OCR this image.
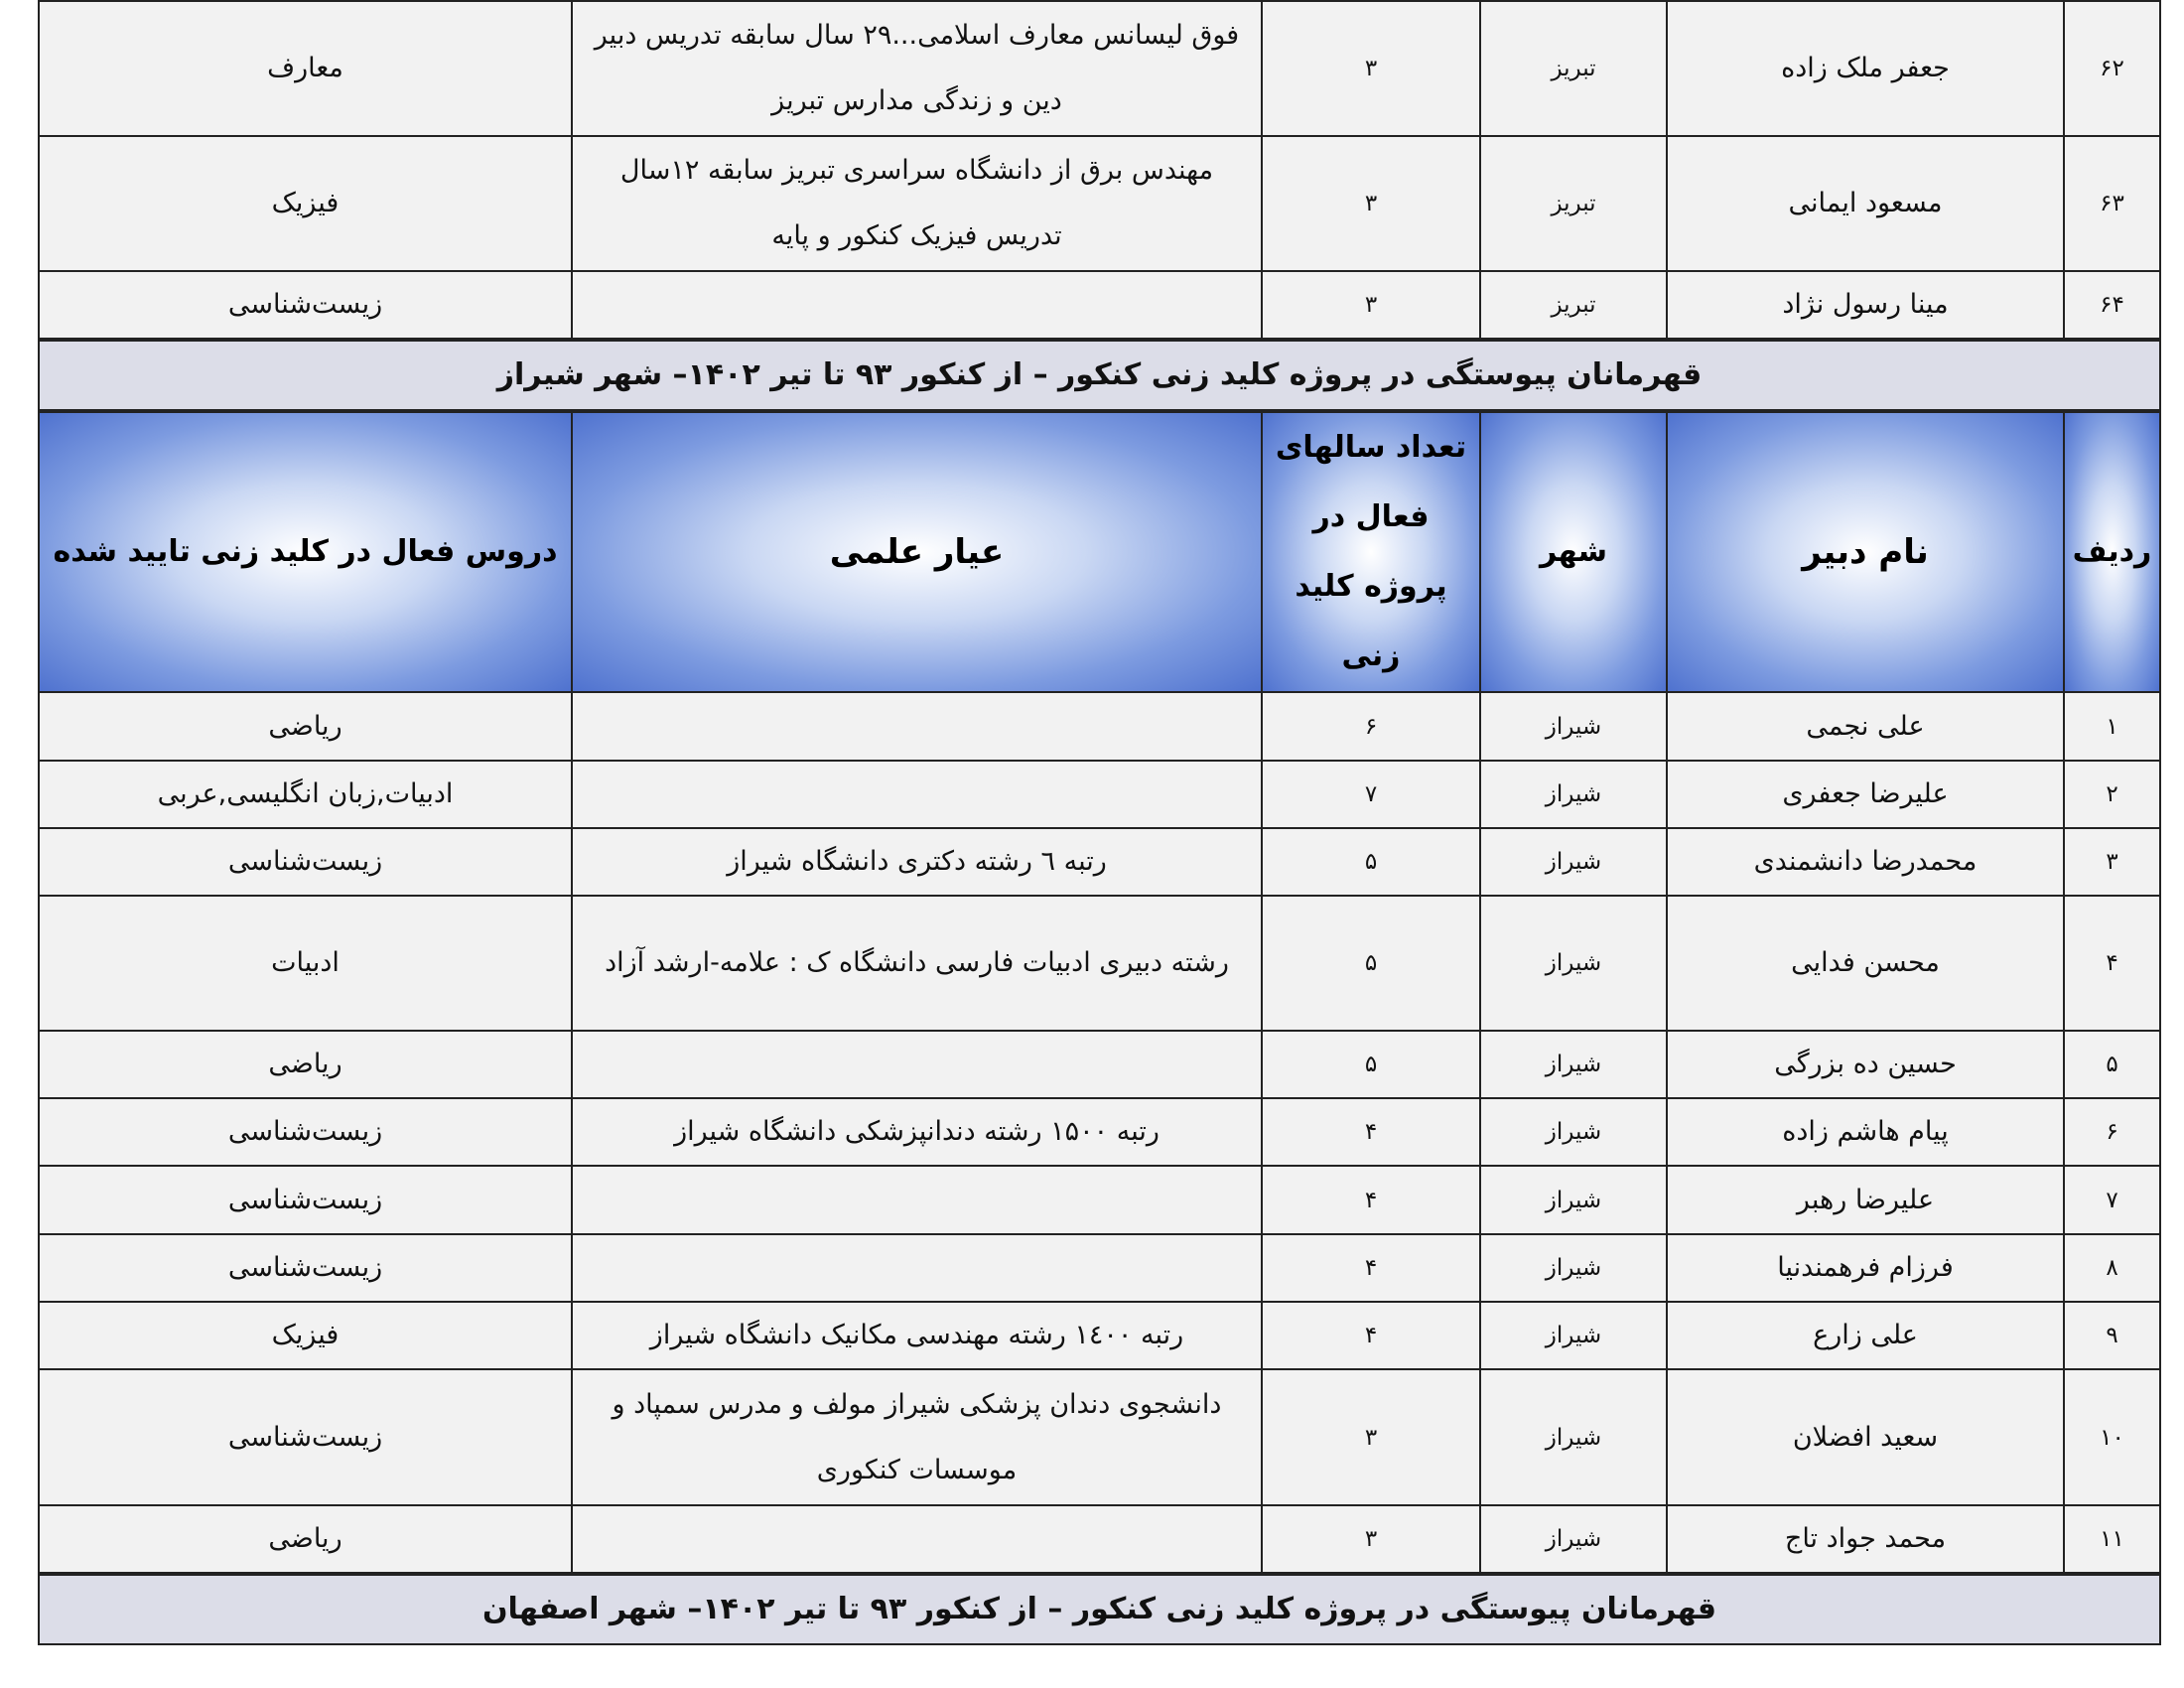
۶۲	جعفر ملک زاده	تبریز	۳	فوق لیسانس معارف اسلامی...۲۹ سال سابقه تدریس دبیر دین و زندگی مدارس تبریز	معارف
۶۳	مسعود ایمانی	تبریز	۳	مهندس برق از دانشگاه سراسری تبریز سابقه ۱۲سال تدریس فیزیک کنکور و پایه	فیزیک
۶۴	مینا رسول نژاد	تبریز	۳		زیست‌شناسی
قهرمانان پیوستگی در پروژه کلید زنی کنکور – از کنکور ۹۳ تا تیر ۱۴۰۲– شهر شیراز					
ردیف	نام دبیر	شهر	تعداد سالهای فعال در پروژه کلید زنی	عیار علمی	دروس فعال در کلید زنی تایید شده
۱	علی نجمی	شیراز	۶		ریاضی
۲	علیرضا جعفری	شیراز	۷		ادبیات,زبان انگلیسی,عربی
۳	محمدرضا دانشمندی	شیراز	۵	رتبه ٦ رشته دکتری دانشگاه شیراز	زیست‌شناسی
۴	محسن فدایی	شیراز	۵	رشته دبیری ادبیات فارسی دانشگاه ک : علامه-ارشد آزاد	ادبیات
۵	حسین ده بزرگی	شیراز	۵		ریاضی
۶	پیام هاشم زاده	شیراز	۴	رتبه ۱۵۰۰ رشته دندانپزشکی دانشگاه شیراز	زیست‌شناسی
۷	علیرضا رهبر	شیراز	۴		زیست‌شناسی
۸	فرزام فرهمندنیا	شیراز	۴		زیست‌شناسی
۹	علی زارع	شیراز	۴	رتبه ۱٤۰۰ رشته مهندسی مکانیک دانشگاه شیراز	فیزیک
۱۰	سعید افضلان	شیراز	۳	دانشجوی دندان پزشکی شیراز مولف و مدرس سمپاد و موسسات کنکوری	زیست‌شناسی
۱۱	محمد جواد تاج	شیراز	۳		ریاضی
قهرمانان پیوستگی در پروژه کلید زنی کنکور – از کنکور ۹۳ تا تیر ۱۴۰۲– شهر اصفهان					
